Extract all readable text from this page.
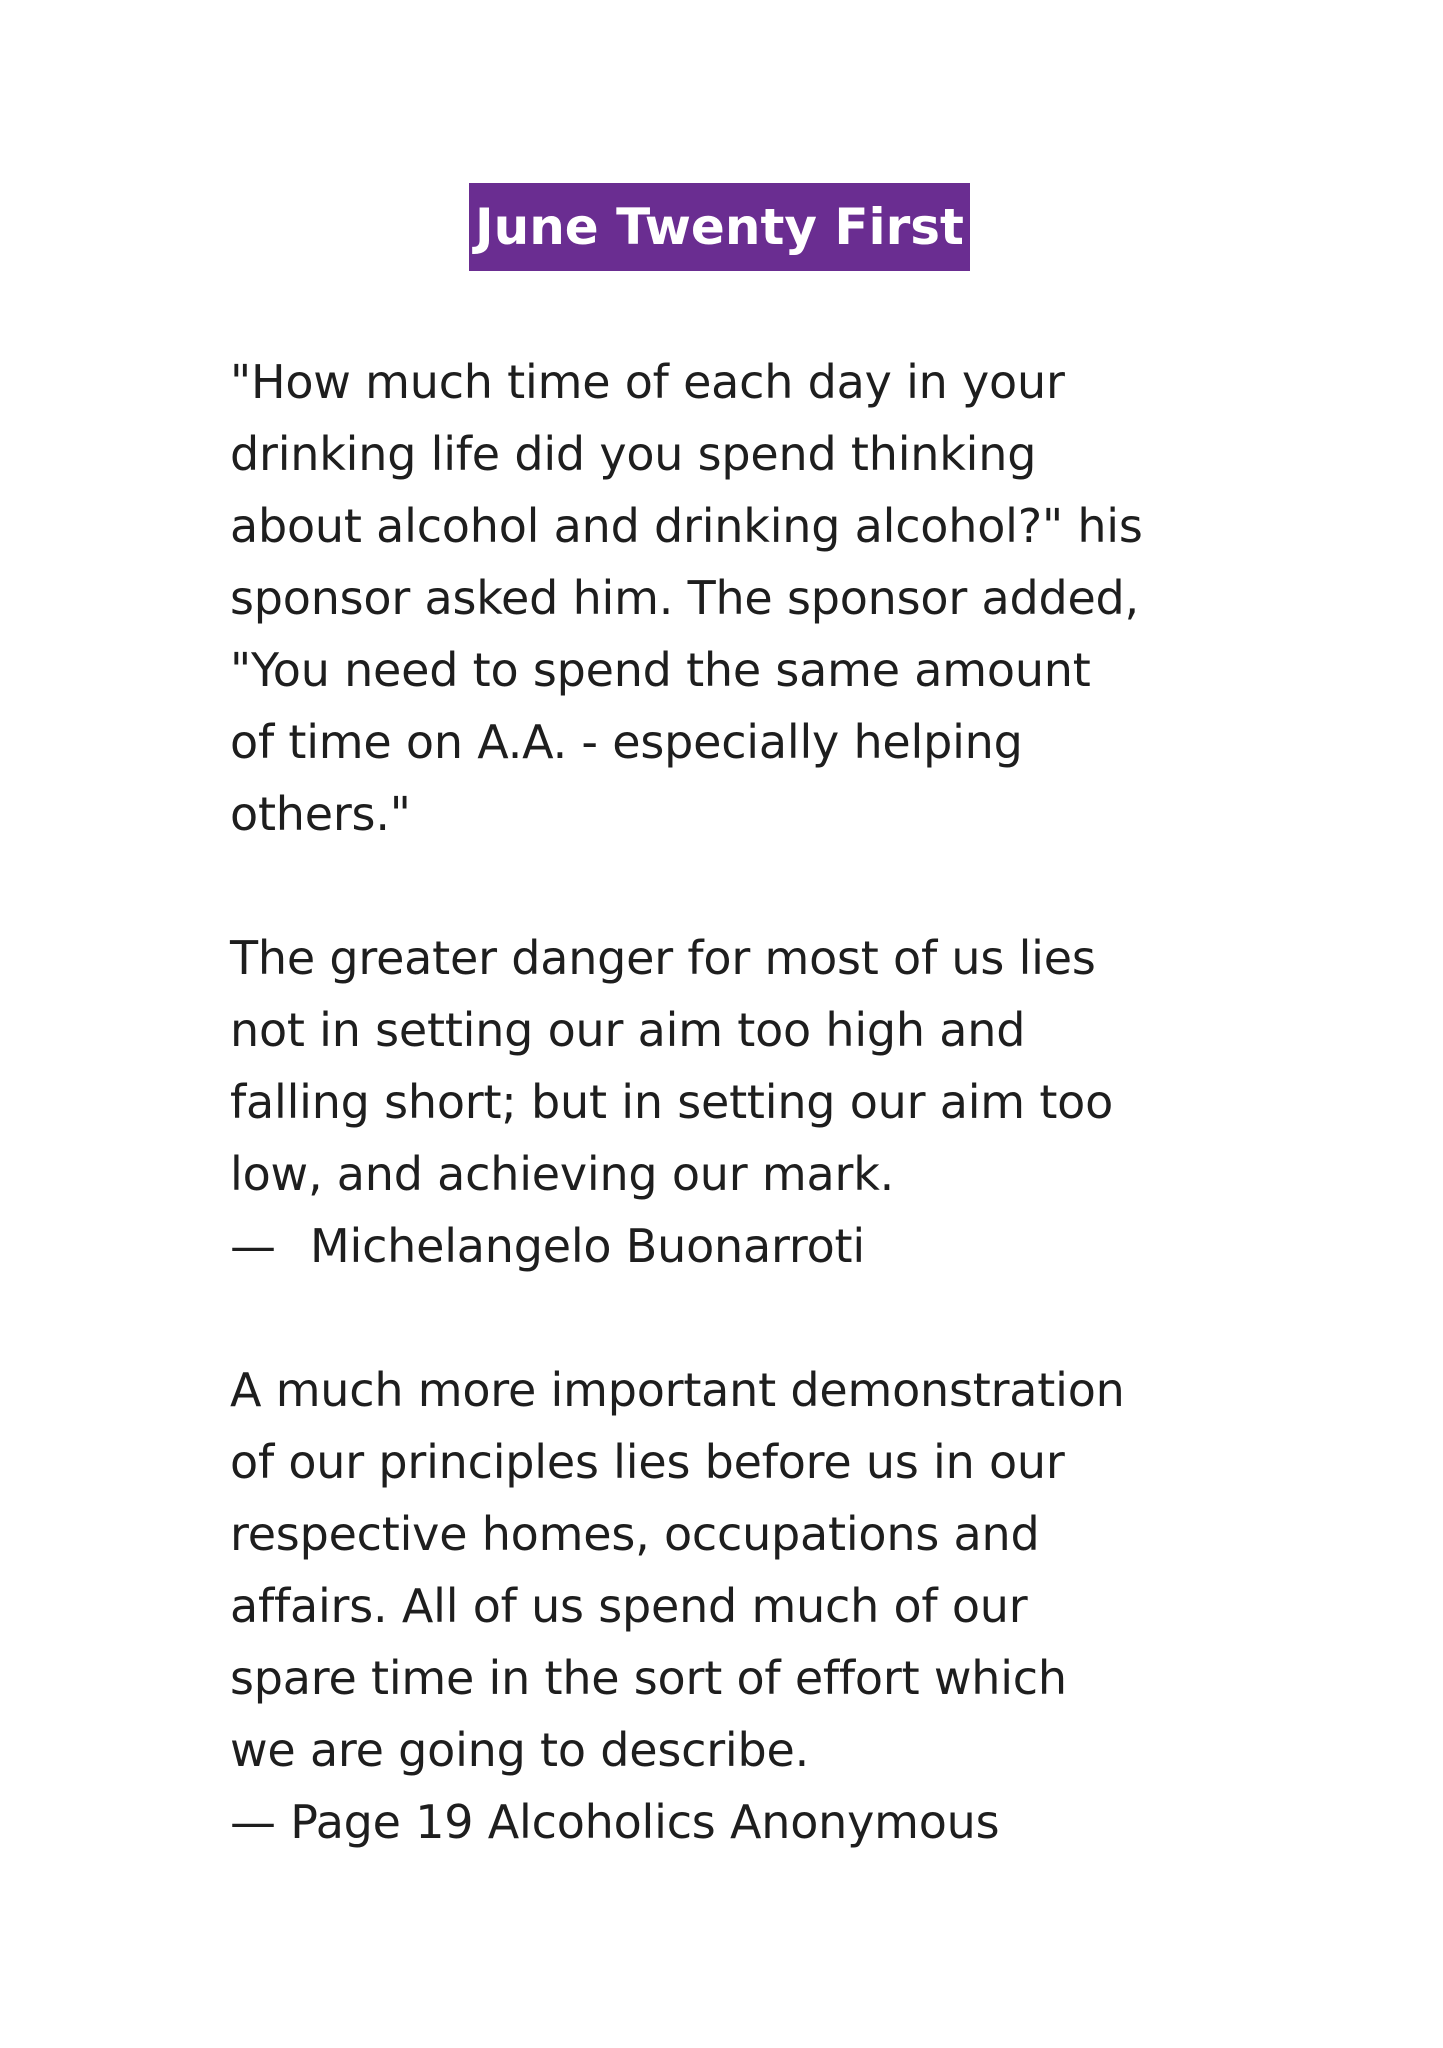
June Twenty First
"How much time of each day in your
drinking life did you spend thinking
about alcohol and drinking alcohol?" his
sponsor asked him. The sponsor added,
"You need to spend the same amount
of time on A.A. - especially helping
others."
The greater danger for most of us lies
not in setting our aim too high and
falling short; but in setting our aim too
low, and achieving our mark.
— Michelangelo Buonarroti
A much more important demonstration
of our principles lies before us in our
respective homes, occupations and
affairs. All of us spend much of our
spare time in the sort of effort which
we are going to describe.
— Page 19 Alcoholics Anonymous
